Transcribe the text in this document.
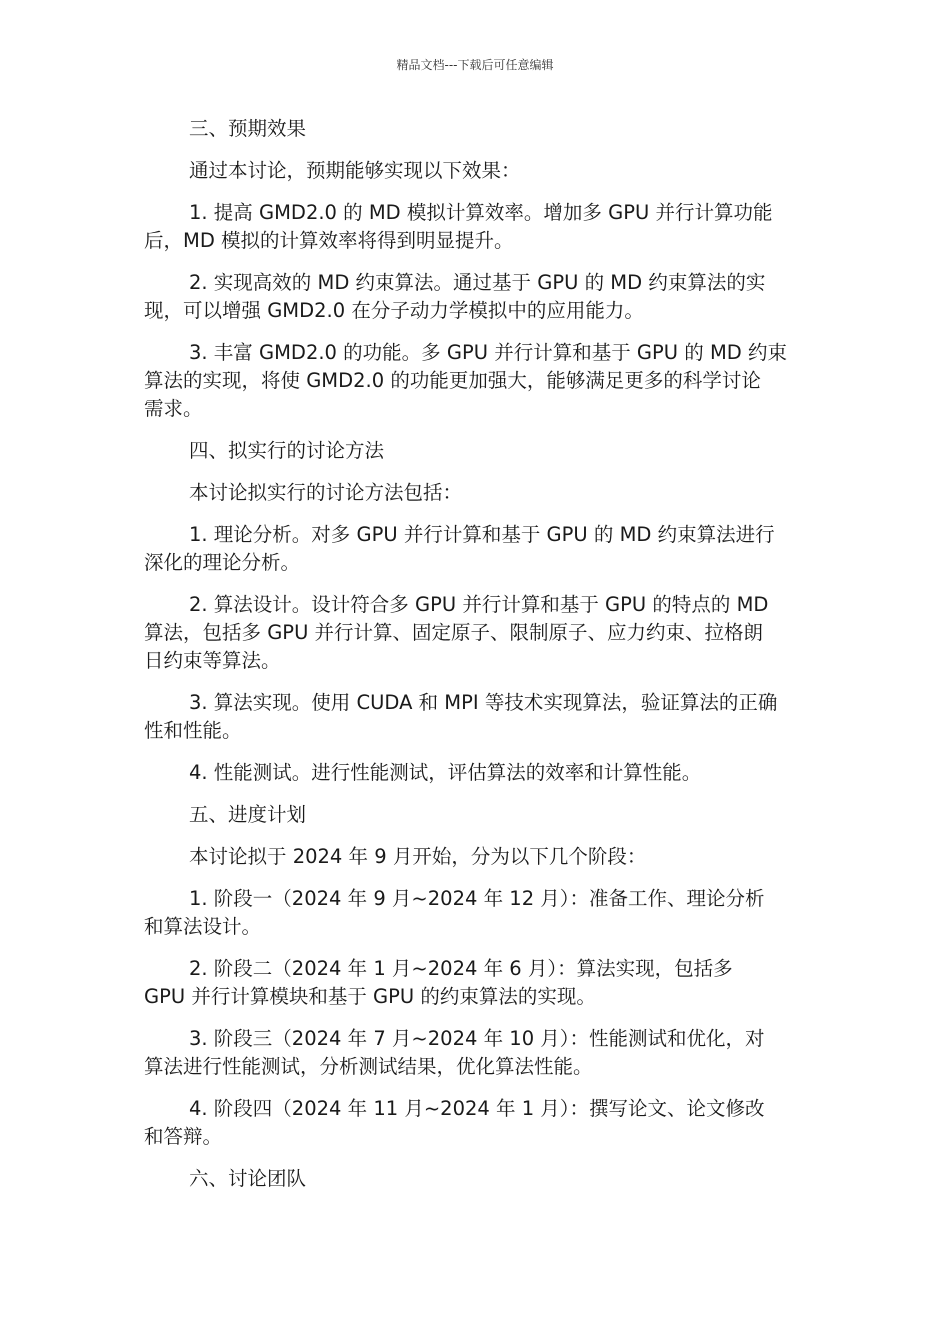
精品文档---下载后可任意编辑

三、预期效果

通过本讨论，预期能够实现以下效果：

1. 提高 GMD2.0 的 MD 模拟计算效率。增加多 GPU 并行计算功能
后，MD 模拟的计算效率将得到明显提升。

2. 实现高效的 MD 约束算法。通过基于 GPU 的 MD 约束算法的实
现，可以增强 GMD2.0 在分子动力学模拟中的应用能力。

3. 丰富 GMD2.0 的功能。多 GPU 并行计算和基于 GPU 的 MD 约束
算法的实现，将使 GMD2.0 的功能更加强大，能够满足更多的科学讨论
需求。

四、拟实行的讨论方法

本讨论拟实行的讨论方法包括：

1. 理论分析。对多 GPU 并行计算和基于 GPU 的 MD 约束算法进行
深化的理论分析。

2. 算法设计。设计符合多 GPU 并行计算和基于 GPU 的特点的 MD
算法，包括多 GPU 并行计算、固定原子、限制原子、应力约束、拉格朗
日约束等算法。

3. 算法实现。使用 CUDA 和 MPI 等技术实现算法，验证算法的正确
性和性能。

4. 性能测试。进行性能测试，评估算法的效率和计算性能。

五、进度计划

本讨论拟于 2024 年 9 月开始，分为以下几个阶段：

1. 阶段一（2024 年 9 月~2024 年 12 月）：准备工作、理论分析
和算法设计。

2. 阶段二（2024 年 1 月~2024 年 6 月）：算法实现，包括多
GPU 并行计算模块和基于 GPU 的约束算法的实现。

3. 阶段三（2024 年 7 月~2024 年 10 月）：性能测试和优化，对
算法进行性能测试，分析测试结果，优化算法性能。

4. 阶段四（2024 年 11 月~2024 年 1 月）：撰写论文、论文修改
和答辩。

六、讨论团队
